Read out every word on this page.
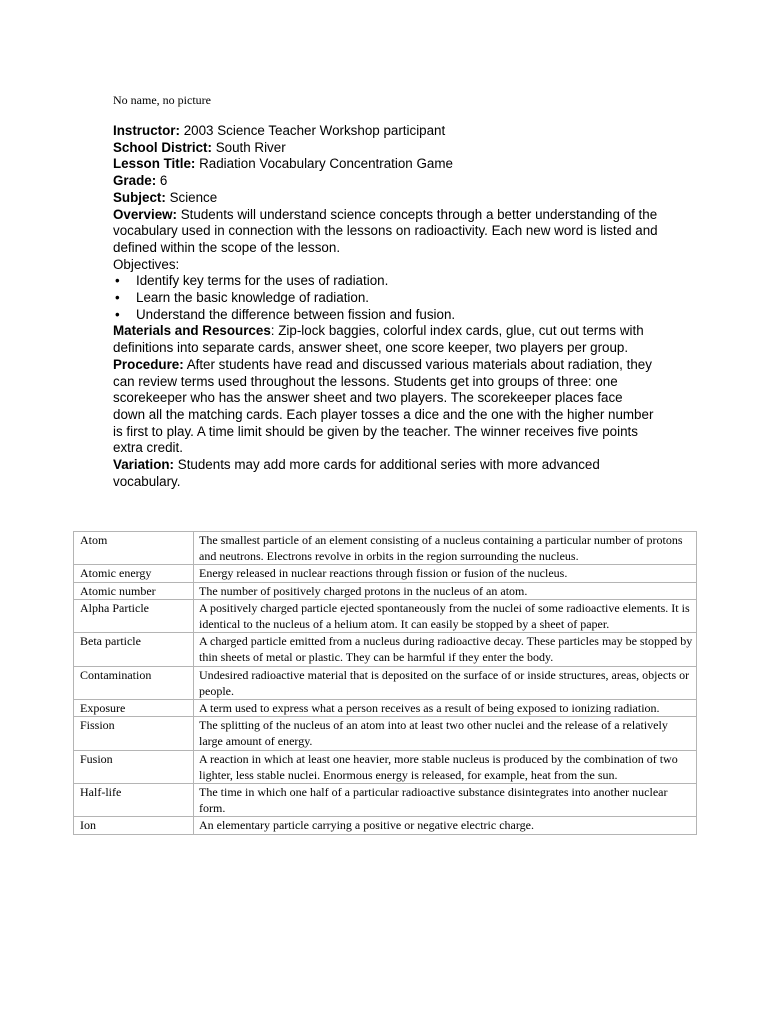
No name, no picture

Instructor: 2003 Science Teacher Workshop participant

School District: South River

Lesson Title: Radiation Vocabulary Concentration Game

Grade: 6

Subject: Science

Overview: Students will understand science concepts through a better understanding of the vocabulary used in connection with the lessons on radioactivity. Each new word is listed and defined within the scope of the lesson.

Objectives:

• Identify key terms for the uses of radiation.
• Learn the basic knowledge of radiation.
• Understand the difference between fission and fusion.

Materials and Resources: Zip-lock baggies, colorful index cards, glue, cut out terms with definitions into separate cards, answer sheet, one score keeper, two players per group.

Procedure: After students have read and discussed various materials about radiation, they can review terms used throughout the lessons. Students get into groups of three: one scorekeeper who has the answer sheet and two players. The scorekeeper places face down all the matching cards. Each player tosses a dice and the one with the higher number is first to play. A time limit should be given by the teacher. The winner receives five points extra credit.

Variation: Students may add more cards for additional series with more advanced vocabulary.

Atom	The smallest particle of an element consisting of a nucleus containing a particular number of protons and neutrons. Electrons revolve in orbits in the region surrounding the nucleus.
Atomic energy	Energy released in nuclear reactions through fission or fusion of the nucleus.
Atomic number	The number of positively charged protons in the nucleus of an atom.
Alpha Particle	A positively charged particle ejected spontaneously from the nuclei of some radioactive elements. It is identical to the nucleus of a helium atom. It can easily be stopped by a sheet of paper.
Beta particle	A charged particle emitted from a nucleus during radioactive decay. These particles may be stopped by thin sheets of metal or plastic. They can be harmful if they enter the body.
Contamination	Undesired radioactive material that is deposited on the surface of or inside structures, areas, objects or people.
Exposure	A term used to express what a person receives as a result of being exposed to ionizing radiation.
Fission	The splitting of the nucleus of an atom into at least two other nuclei and the release of a relatively large amount of energy.
Fusion	A reaction in which at least one heavier, more stable nucleus is produced by the combination of two lighter, less stable nuclei. Enormous energy is released, for example, heat from the sun.
Half-life	The time in which one half of a particular radioactive substance disintegrates into another nuclear form.
Ion	An elementary particle carrying a positive or negative electric charge.
